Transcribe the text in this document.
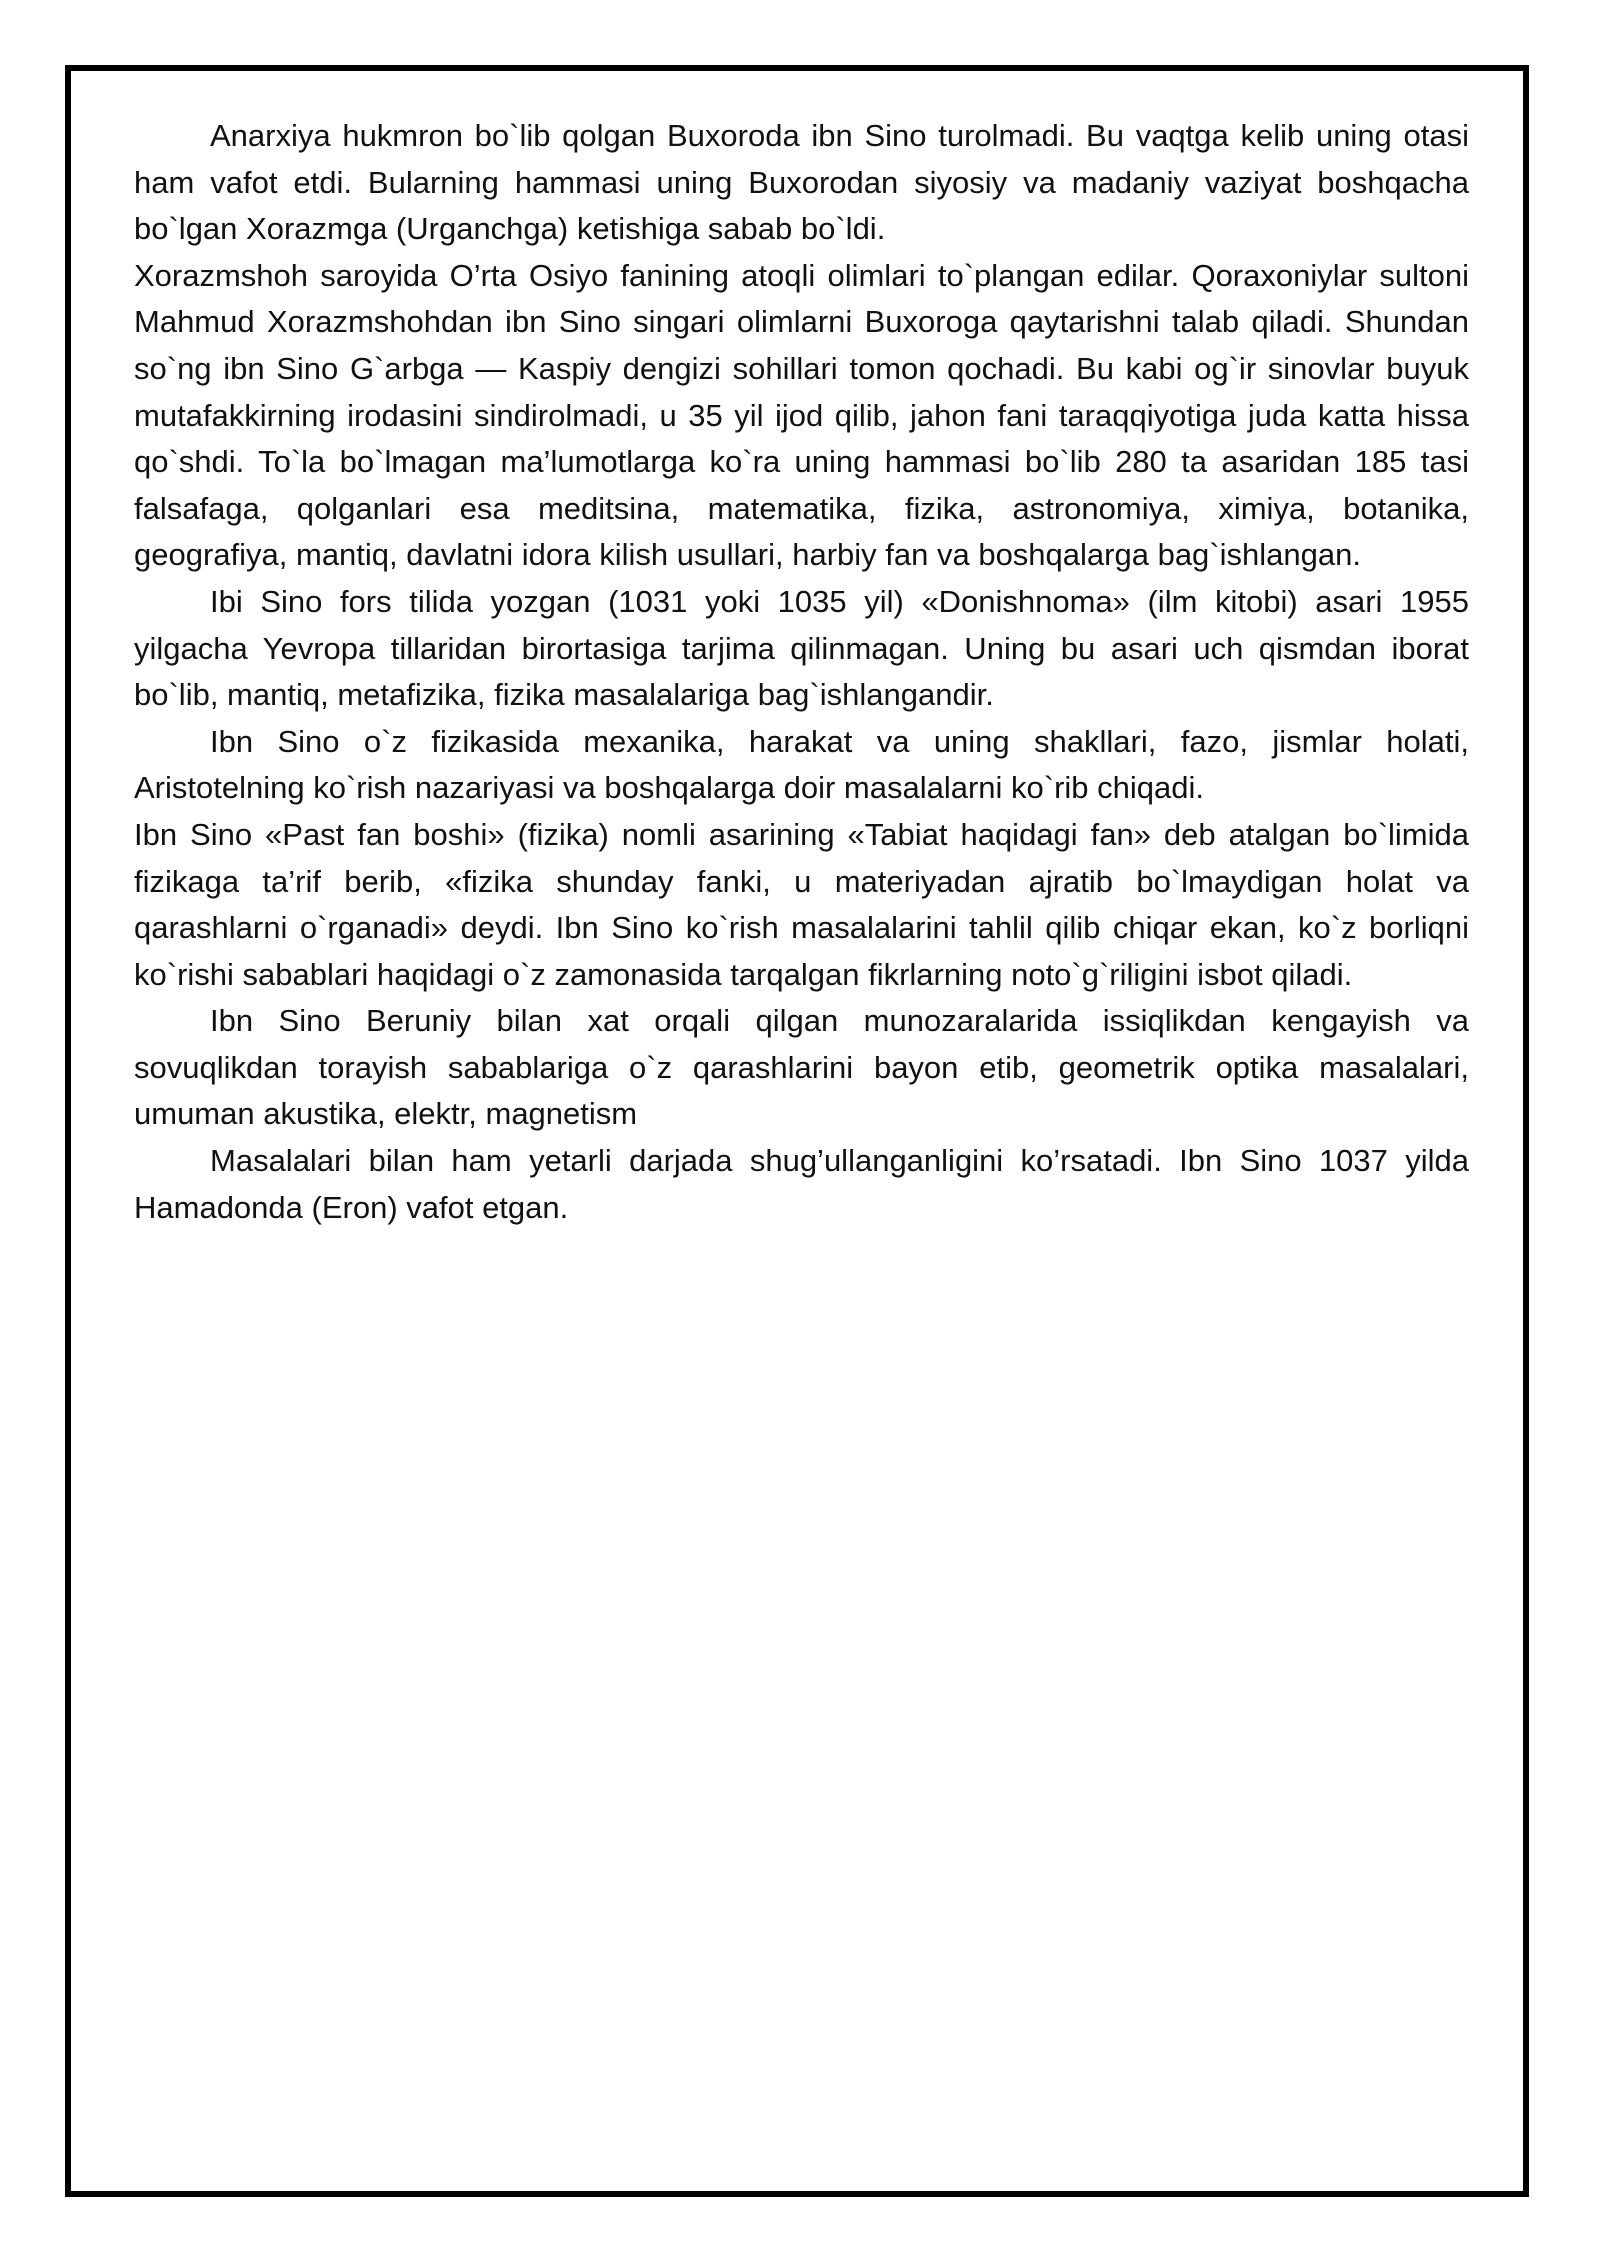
Anarxiya hukmron bo`lib qolgan Buxoroda ibn Sino turolmadi. Bu vaqtga kelib uning otasi ham vafot etdi. Bularning hammasi uning Buxorodan siyosiy va madaniy vaziyat boshqacha bo`lgan Xorazmga (Urganchga) ketishiga sabab bo`ldi.

Xorazmshoh saroyida O’rta Osiyo fanining atoqli olimlari to`plangan edilar. Qoraxoniylar sultoni Mahmud Xorazmshohdan ibn Sino singari olimlarni Buxoroga qaytarishni talab qiladi. Shundan so`ng ibn Sino G`arbga — Kaspiy dengizi sohillari tomon qochadi. Bu kabi og`ir sinovlar buyuk mutafakkirning irodasini sindirolmadi, u 35 yil ijod qilib, jahon fani taraqqiyotiga juda katta hissa qo`shdi. To`la bo`lmagan ma’lumotlarga ko`ra uning hammasi bo`lib 280 ta asaridan 185 tasi falsafaga, qolganlari esa meditsina, matematika, fizika, astronomiya, ximiya, botanika, geografiya, mantiq, davlatni idora kilish usullari, harbiy fan va boshqalarga bag`ishlangan.

Ibi Sino fors tilida yozgan (1031 yoki 1035 yil) «Donishnoma» (ilm kitobi) asari 1955 yilgacha Yevropa tillaridan birortasiga tarjima qilinmagan. Uning bu asari uch qismdan iborat bo`lib, mantiq, metafizika, fizika masalalariga bag`ishlangandir.

Ibn Sino o`z fizikasida mexanika, harakat va uning shakllari, fazo, jismlar holati, Aristotelning ko`rish nazariyasi va boshqalarga doir masalalarni ko`rib chiqadi.

Ibn Sino «Past fan boshi» (fizika) nomli asarining «Tabiat haqidagi fan» deb atalgan bo`limida fizikaga ta’rif berib, «fizika shunday fanki, u materiyadan ajratib bo`lmaydigan holat va qarashlarni o`rganadi» deydi. Ibn Sino ko`rish masalalarini tahlil qilib chiqar ekan, ko`z borliqni ko`rishi sabablari haqidagi o`z zamonasida tarqalgan fikrlarning noto`g`riligini isbot qiladi.

Ibn Sino Beruniy bilan xat orqali qilgan munozaralarida issiqlikdan kengayish va sovuqlikdan torayish sabablariga o`z qarashlarini bayon etib, geometrik optika masalalari, umuman akustika, elektr, magnetism

Masalalari bilan ham yetarli darjada shug’ullanganligini ko’rsatadi. Ibn Sino 1037 yilda Hamadonda (Eron) vafot etgan.
